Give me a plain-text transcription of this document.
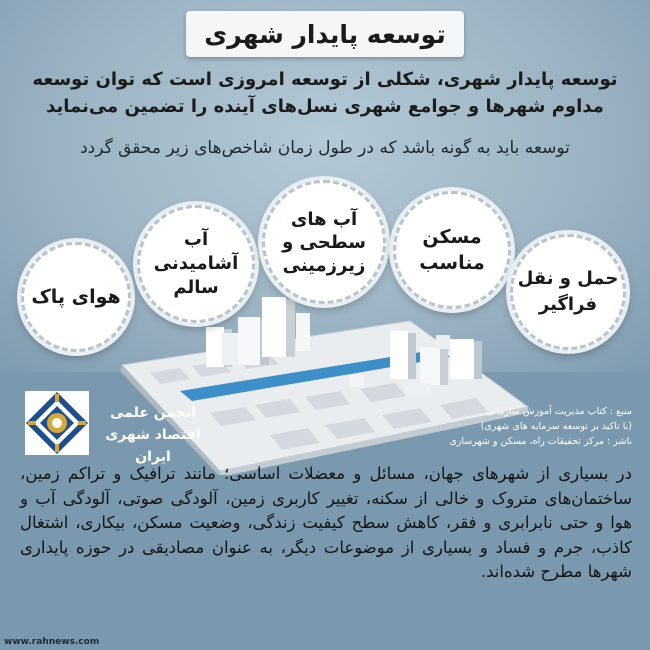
توسعه پایدار شهری
توسعه پایدار شهری، شکلی از توسعه امروزی است که توان توسعه مداوم شهرها و جوامع شهری نسل‌های آینده را تضمین می‌نماید
توسعه باید به گونه باشد که در طول زمان شاخص‌های زیر محقق گردد
هوای پاک
آب
آشامیدنی
سالم
آب های
سطحی و
زیرزمینی
مسکن
مناسب
حمل و نقل
فراگیر
انجمن علمی
اقتصاد شهری ایران
منبع : کتاب مدیریت آموزش سازمانی
(با تاکید بر توسعه سرمایه های شهری)
ناشر : مرکز تحقیقات راه، مسکن و شهرسازی
در بسیاری از شهرهای جهان، مسائل و معضلات اساسی؛ مانند ترافیک و تراکم زمین، ساختمان‌های متروک و خالی از سکنه، تغییر کاربری زمین، آلودگی صوتی، آلودگی آب و هوا و حتی نابرابری و فقر، کاهش سطح کیفیت زندگی، وضعیت مسکن، بیکاری، اشتغال کاذب، جرم و فساد و بسیاری از موضوعات دیگر، به عنوان مصادیقی در حوزه پایداری شهرها مطرح شده‌اند.
www.rahnews.com
